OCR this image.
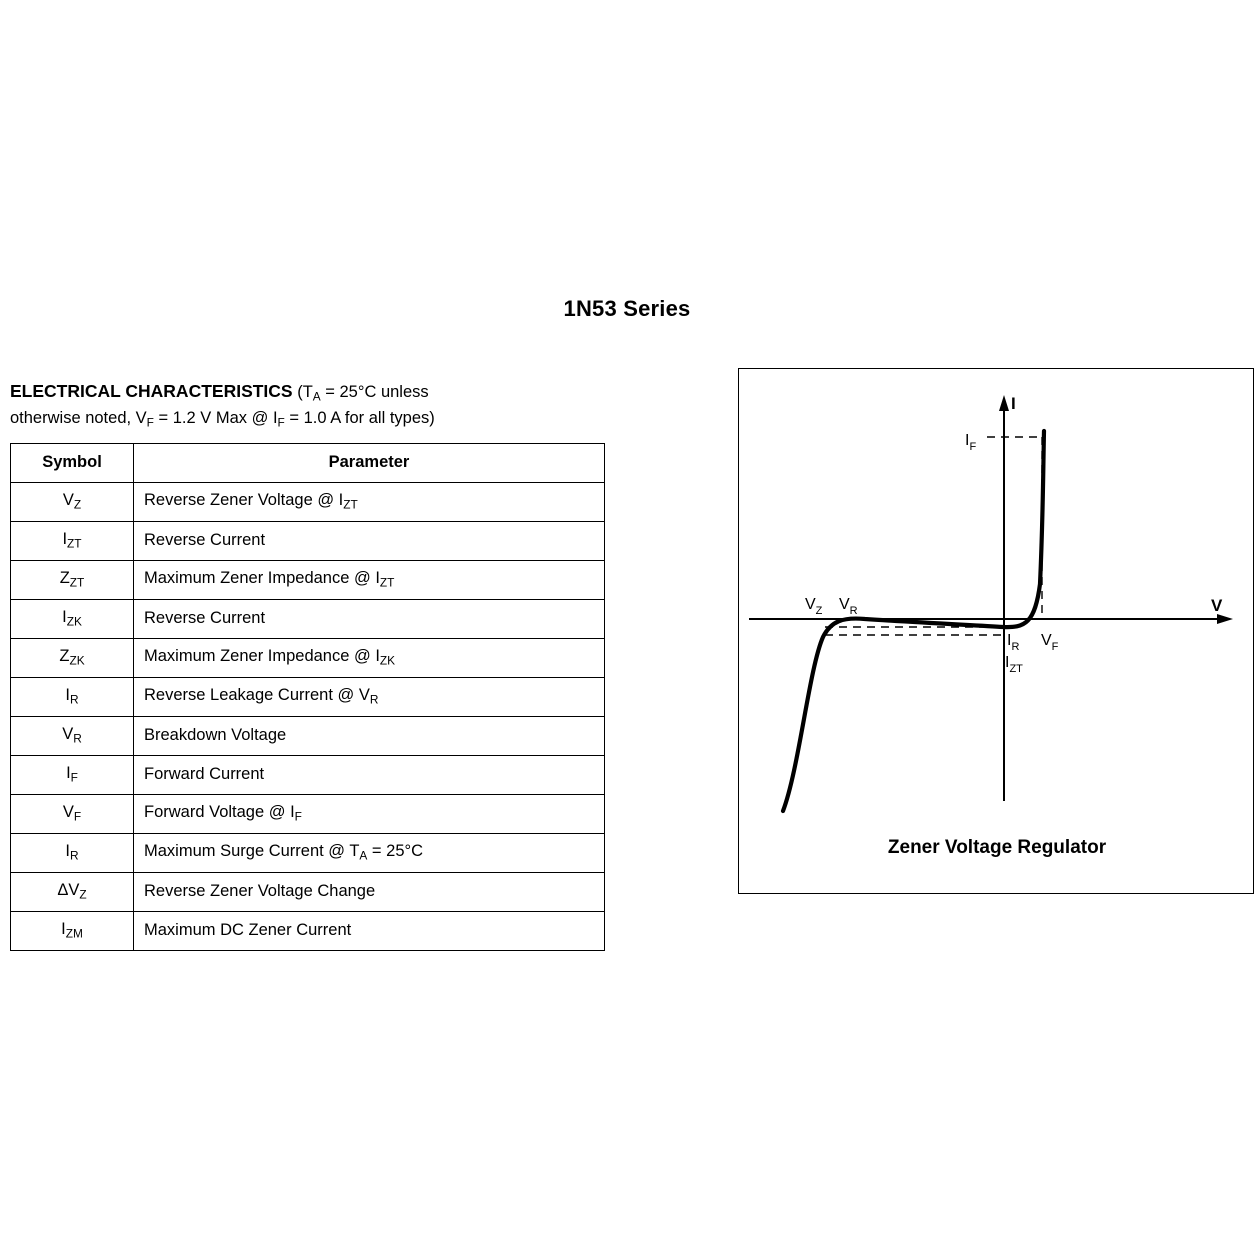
1N53 Series
ELECTRICAL CHARACTERISTICS ($T_A = 25^\circ C$ unless
otherwise noted, $V_F = 1.2$ V Max @ $I_F = 1.0$ A for all types)
Symbol	Parameter
$V_Z$	Reverse Zener Voltage @ $I_{ZT}$
$I_{ZT}$	Reverse Current
$Z_{ZT}$	Maximum Zener Impedance @ $I_{ZT}$
$I_{ZK}$	Reverse Current
$Z_{ZK}$	Maximum Zener Impedance @ $I_{ZK}$
$I_R$	Reverse Leakage Current @ $V_R$
$V_R$	Breakdown Voltage
$I_F$	Forward Current
$V_F$	Forward Voltage @ $I_F$
$I_R$	Maximum Surge Current @ $T_A = 25^\circ C$
$\Delta V_Z$	Reverse Zener Voltage Change
$I_{ZM}$	Maximum DC Zener Current
I
V
$I_F$
$V_Z$ $V_R$
$I_R$
$I_{ZT}$
$V_F$
Zener Voltage Regulator
